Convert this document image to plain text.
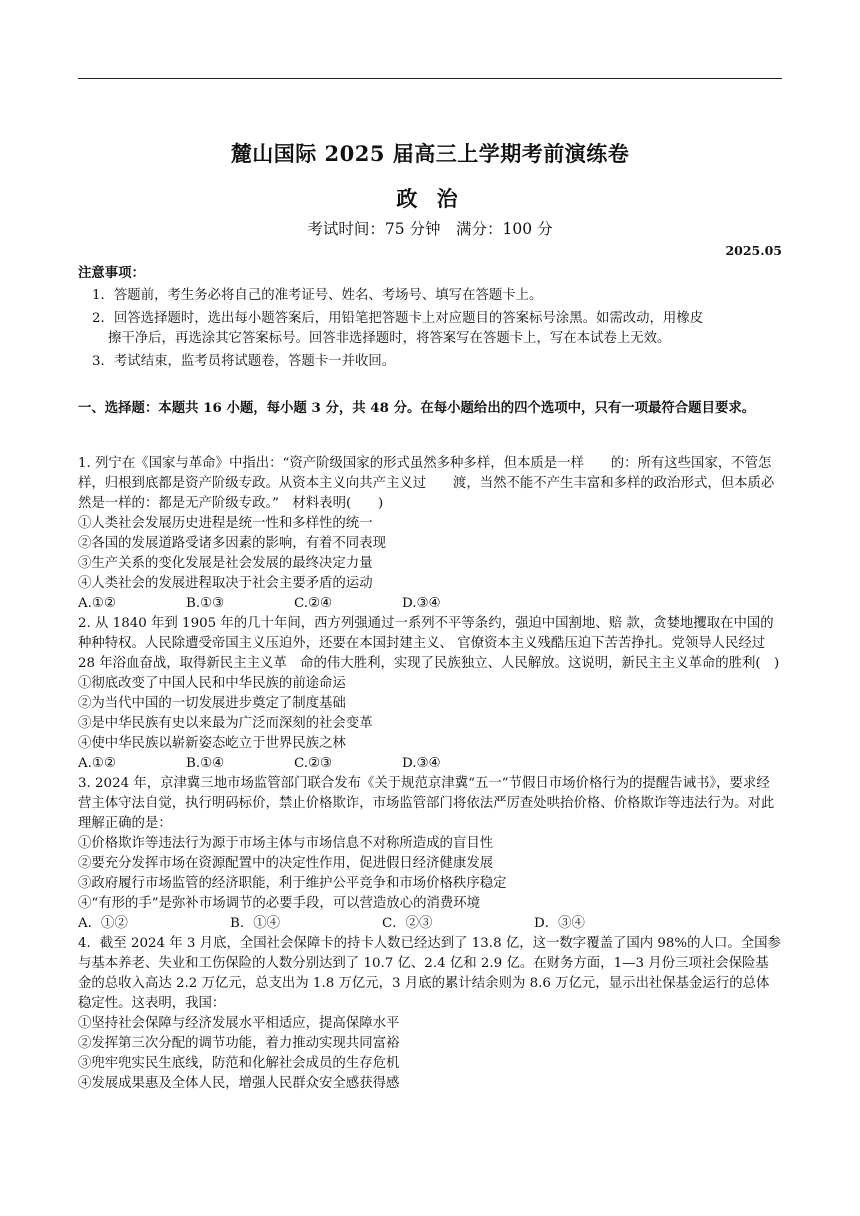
麓山国际 2025 届高三上学期考前演练卷
政 治
考试时间：75 分钟　满分：100 分
2025.05
注意事项：

1．答题前，考生务必将自己的准考证号、姓名、考场号、填写在答题卡上。

2．回答选择题时，选出每小题答案后，用铅笔把答题卡上对应题目的答案标号涂黑。如需改动，用橡皮

擦干净后，再选涂其它答案标号。回答非选择题时，将答案写在答题卡上，写在本试卷上无效。

3．考试结束，监考员将试题卷，答题卡一并收回。

一、选择题：本题共 16 小题，每小题 3 分，共 48 分。在每小题给出的四个选项中，只有一项最符合题目要求。

1. 列宁在《国家与革命》中指出：“资产阶级国家的形式虽然多种多样，但本质是一样　　的：所有这些国家，不管怎样，归根到底都是资产阶级专政。从资本主义向共产主义过　　渡，当然不能不产生丰富和多样的政治形式，但本质必然是一样的：都是无产阶级专政。”　材料表明(　　)

①人类社会发展历史进程是统一性和多样性的统一

②各国的发展道路受诸多因素的影响，有着不同表现

③生产关系的变化发展是社会发展的最终决定力量

④人类社会的发展进程取决于社会主要矛盾的运动

A.①②	B.①③	C.②④	D.③④

2. 从 1840 年到 1905 年的几十年间，西方列强通过一系列不平等条约，强迫中国割地、赔 款，贪婪地攫取在中国的种种特权。人民除遭受帝国主义压迫外，还要在本国封建主义、 官僚资本主义残酷压迫下苦苦挣扎。党领导人民经过 28 年浴血奋战，取得新民主主义革　命的伟大胜利，实现了民族独立、人民解放。这说明，新民主主义革命的胜利(　)

①彻底改变了中国人民和中华民族的前途命运

②为当代中国的一切发展进步奠定了制度基础

③是中华民族有史以来最为广泛而深刻的社会变革

④使中华民族以崭新姿态屹立于世界民族之林

A.①②	B.①④	C.②③	D.③④

3. 2024 年，京津冀三地市场监管部门联合发布《关于规范京津冀“五一”节假日市场价格行为的提醒告诫书》，要求经营主体守法自觉，执行明码标价，禁止价格欺诈，市场监管部门将依法严厉查处哄抬价格、价格欺诈等违法行为。对此理解正确的是：

①价格欺诈等违法行为源于市场主体与市场信息不对称所造成的盲目性

②要充分发挥市场在资源配置中的决定性作用，促进假日经济健康发展

③政府履行市场监管的经济职能，利于维护公平竞争和市场价格秩序稳定

④“有形的手”是弥补市场调节的必要手段，可以营造放心的消费环境

A．①②	B．①④	C．②③	D．③④

4．截至 2024 年 3 月底，全国社会保障卡的持卡人数已经达到了 13.8 亿，这一数字覆盖了国内 98%的人口。全国参与基本养老、失业和工伤保险的人数分别达到了 10.7 亿、2.4 亿和 2.9 亿。在财务方面，1—3 月份三项社会保险基金的总收入高达 2.2 万亿元，总支出为 1.8 万亿元，3 月底的累计结余则为 8.6 万亿元，显示出社保基金运行的总体稳定性。这表明，我国：

①坚持社会保障与经济发展水平相适应，提高保障水平

②发挥第三次分配的调节功能，着力推动实现共同富裕

③兜牢兜实民生底线，防范和化解社会成员的生存危机

④发展成果惠及全体人民，增强人民群众安全感获得感
